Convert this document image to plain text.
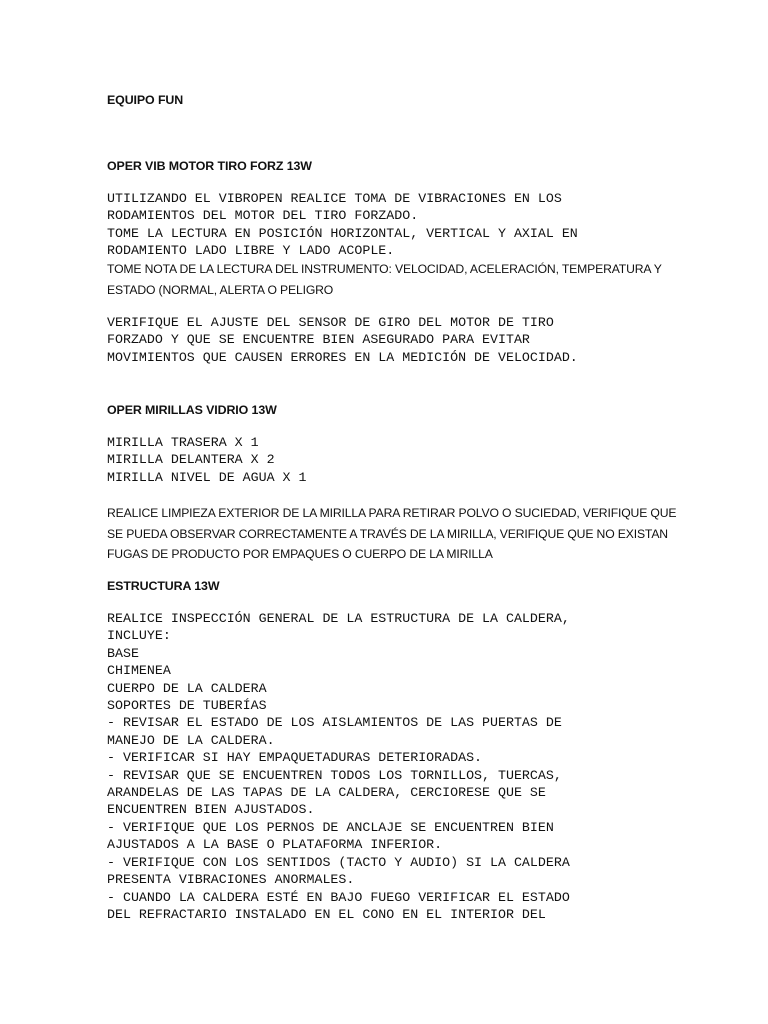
EQUIPO FUN
OPER VIB MOTOR TIRO FORZ 13W
UTILIZANDO EL VIBROPEN REALICE TOMA DE VIBRACIONES EN LOS
RODAMIENTOS DEL MOTOR DEL TIRO FORZADO.
TOME LA LECTURA EN POSICIÓN HORIZONTAL, VERTICAL Y AXIAL EN
RODAMIENTO LADO LIBRE Y LADO ACOPLE.
TOME NOTA DE LA LECTURA DEL INSTRUMENTO: VELOCIDAD, ACELERACIÓN, TEMPERATURA Y
ESTADO (NORMAL, ALERTA O PELIGRO
VERIFIQUE EL AJUSTE DEL SENSOR DE GIRO DEL MOTOR DE TIRO
FORZADO Y QUE SE ENCUENTRE BIEN ASEGURADO PARA EVITAR
MOVIMIENTOS QUE CAUSEN ERRORES EN LA MEDICIÓN DE VELOCIDAD.
OPER MIRILLAS VIDRIO 13W
MIRILLA TRASERA X 1
MIRILLA DELANTERA X 2
MIRILLA NIVEL DE AGUA X 1
REALICE LIMPIEZA EXTERIOR DE LA MIRILLA PARA RETIRAR POLVO O SUCIEDAD, VERIFIQUE QUE
SE PUEDA OBSERVAR CORRECTAMENTE A TRAVÉS DE LA MIRILLA, VERIFIQUE QUE NO EXISTAN
FUGAS DE PRODUCTO POR EMPAQUES O CUERPO DE LA MIRILLA
ESTRUCTURA 13W
REALICE INSPECCIÓN GENERAL DE LA ESTRUCTURA DE LA CALDERA,
INCLUYE:
BASE
CHIMENEA
CUERPO DE LA CALDERA
SOPORTES DE TUBERÍAS
- REVISAR EL ESTADO DE LOS AISLAMIENTOS DE LAS PUERTAS DE
MANEJO DE LA CALDERA.
- VERIFICAR SI HAY EMPAQUETADURAS DETERIORADAS.
- REVISAR QUE SE ENCUENTREN TODOS LOS TORNILLOS, TUERCAS,
ARANDELAS DE LAS TAPAS DE LA CALDERA, CERCIORESE QUE SE
ENCUENTREN BIEN AJUSTADOS.
- VERIFIQUE QUE LOS PERNOS DE ANCLAJE SE ENCUENTREN BIEN
AJUSTADOS A LA BASE O PLATAFORMA INFERIOR.
- VERIFIQUE CON LOS SENTIDOS (TACTO Y AUDIO) SI LA CALDERA
PRESENTA VIBRACIONES ANORMALES.
- CUANDO LA CALDERA ESTÉ EN BAJO FUEGO VERIFICAR EL ESTADO
DEL REFRACTARIO INSTALADO EN EL CONO EN EL INTERIOR DEL
